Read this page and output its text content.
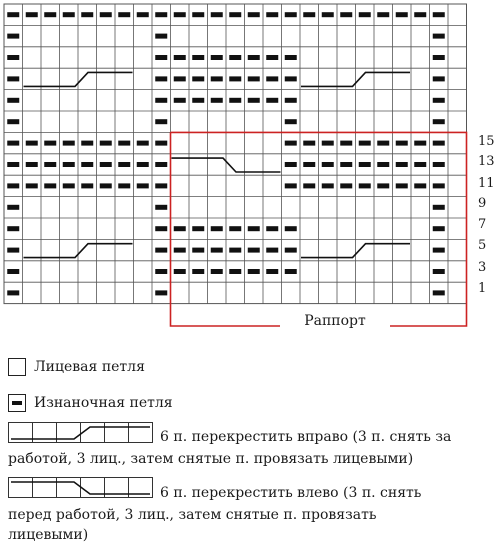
15
13
11
9
7
5
3
1
Раппорт
Лицевая петля
Изнаночная петля
6 п. перекрестить вправо (3 п. снять за
работой, 3 лиц., затем снятые п. провязать лицевыми)
6 п. перекрестить влево (3 п. снять
перед работой, 3 лиц., затем снятые п. провязать
лицевыми)
